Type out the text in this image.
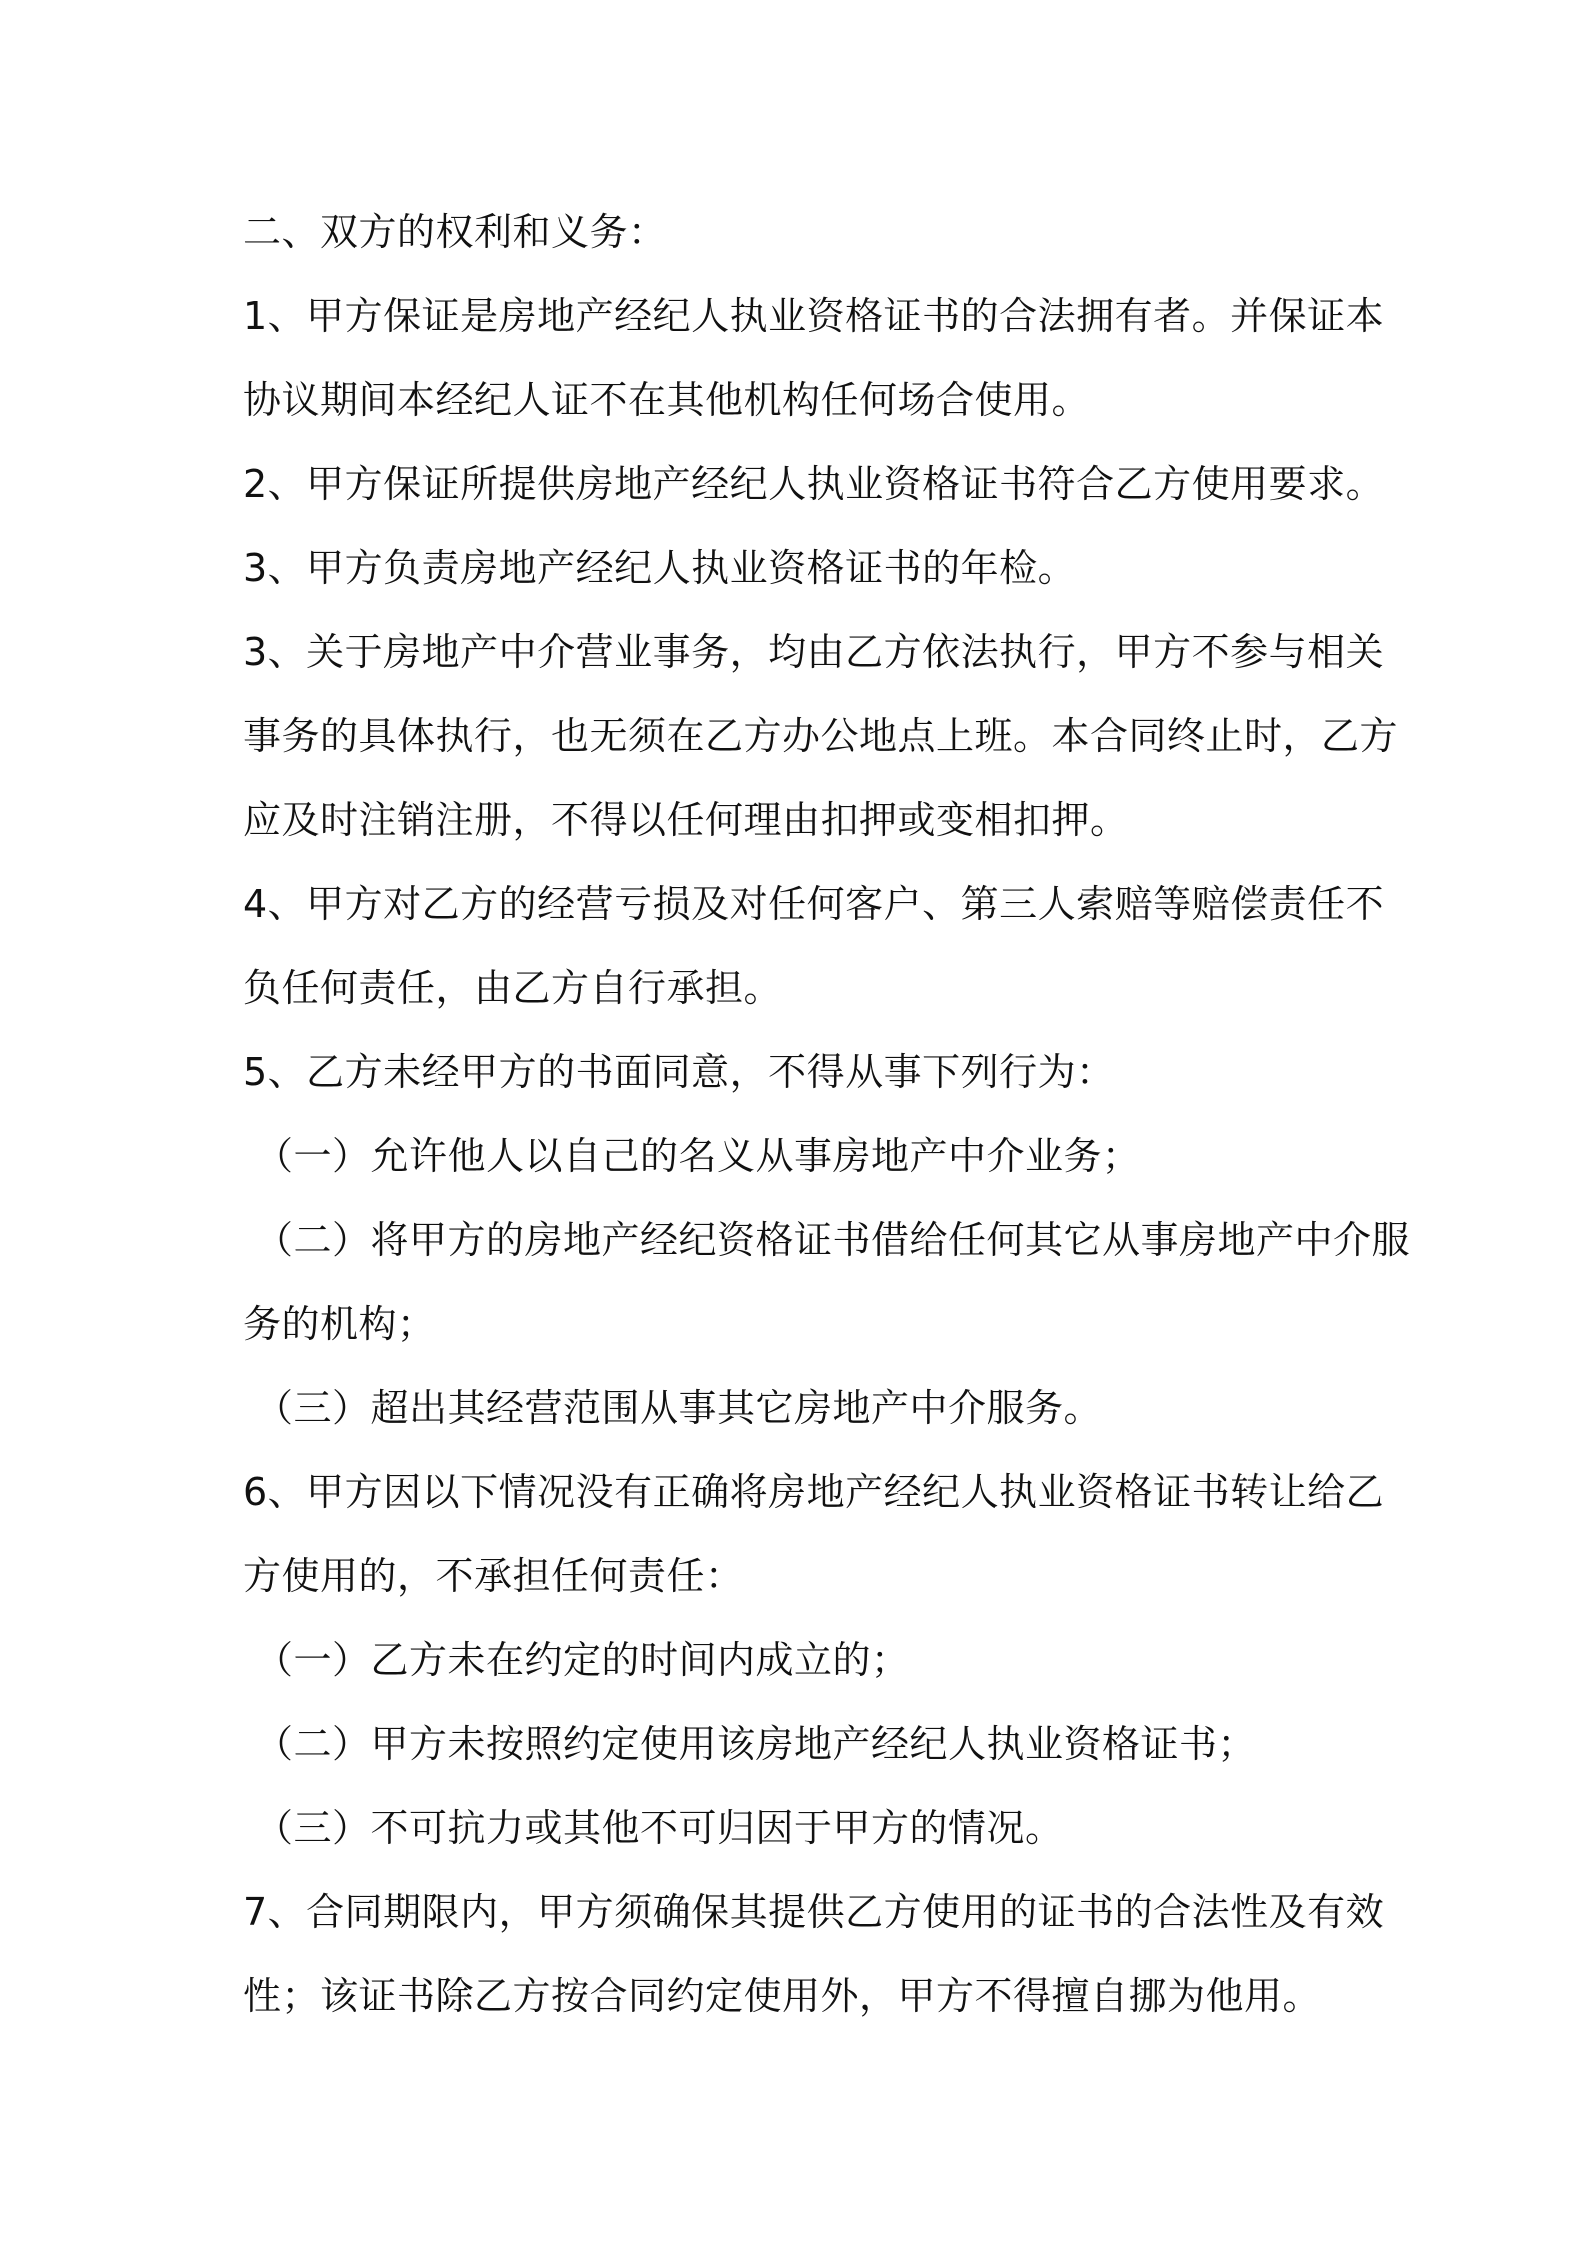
二、双方的权利和义务：
1、甲方保证是房地产经纪人执业资格证书的合法拥有者。并保证本
协议期间本经纪人证不在其他机构任何场合使用。
2、甲方保证所提供房地产经纪人执业资格证书符合乙方使用要求。
3、甲方负责房地产经纪人执业资格证书的年检。
3、关于房地产中介营业事务，均由乙方依法执行，甲方不参与相关
事务的具体执行，也无须在乙方办公地点上班。本合同终止时，乙方
应及时注销注册，不得以任何理由扣押或变相扣押。
4、甲方对乙方的经营亏损及对任何客户、第三人索赔等赔偿责任不
负任何责任，由乙方自行承担。
5、乙方未经甲方的书面同意，不得从事下列行为：
（一）允许他人以自己的名义从事房地产中介业务；
（二）将甲方的房地产经纪资格证书借给任何其它从事房地产中介服
务的机构；
（三）超出其经营范围从事其它房地产中介服务。
6、甲方因以下情况没有正确将房地产经纪人执业资格证书转让给乙
方使用的，不承担任何责任：
（一）乙方未在约定的时间内成立的；
（二）甲方未按照约定使用该房地产经纪人执业资格证书；
（三）不可抗力或其他不可归因于甲方的情况。
7、合同期限内，甲方须确保其提供乙方使用的证书的合法性及有效
性；该证书除乙方按合同约定使用外，甲方不得擅自挪为他用。
